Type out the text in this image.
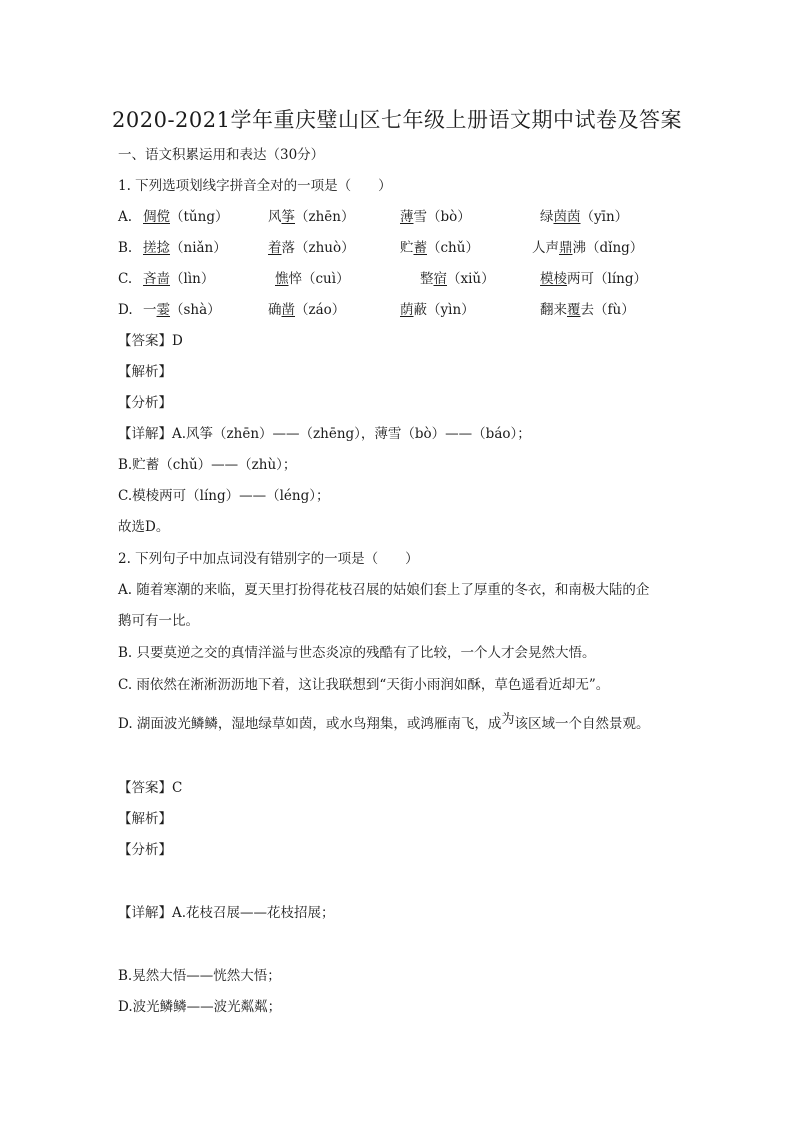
2020-2021学年重庆璧山区七年级上册语文期中试卷及答案
一、语文积累运用和表达（30分）
1. 下列选项划线字拼音全对的一项是（　　）
A. 倜傥（tǔng）	风筝（zhēn）	薄雪（bò）	绿茵茵（yīn）
B. 搓捻（niǎn）	着落（zhuò）	贮蓄（chǔ）	人声鼎沸（dǐng）
C. 吝啬（lìn）	憔悴（cuì）	整宿（xiǔ）	模棱两可（líng）
D. 一霎（shà）	确凿（záo）	荫蔽（yìn）	翻来覆去（fù）
【答案】D
【解析】
【分析】
【详解】A.风筝（zhēn）——（zhēng），薄雪（bò）——（báo）；
B.贮蓄（chǔ）——（zhù）；
C.模棱两可（líng）——（léng）；
故选D。
2. 下列句子中加点词没有错别字的一项是（　　）
A. 随着寒潮的来临，夏天里打扮得花枝召展的姑娘们套上了厚重的冬衣，和南极大陆的企
鹅可有一比。
B. 只要莫逆之交的真情洋溢与世态炎凉的残酷有了比较，一个人才会晃然大悟。
C. 雨依然在淅淅沥沥地下着，这让我联想到“天街小雨润如酥，草色遥看近却无”。
D. 湖面波光鳞鳞，湿地绿草如茵，或水鸟翔集，或鸿雁南飞，成为该区域一个自然景观。
【答案】C
【解析】
【分析】
【详解】A.花枝召展——花枝招展；
B.晃然大悟——恍然大悟；
D.波光鳞鳞——波光粼粼；
